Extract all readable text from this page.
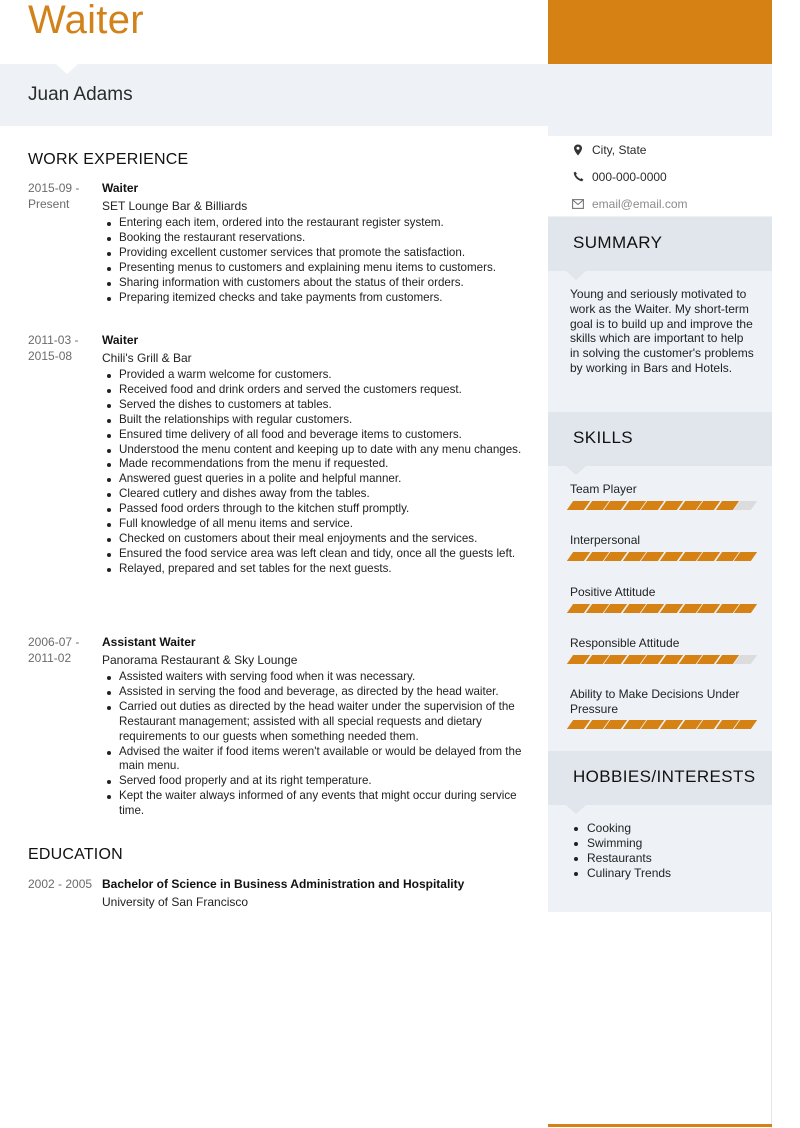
Waiter
Juan Adams
City, State
000-000-0000
email@email.com
SUMMARY
Young and seriously motivated to work as the Waiter. My short-term goal is to build up and improve the skills which are important to help in solving the customer's problems by working in Bars and Hotels.
SKILLS
Team Player
Interpersonal
Positive Attitude
Responsible Attitude
Ability to Make Decisions Under Pressure
HOBBIES/INTERESTS
Cooking
Swimming
Restaurants
Culinary Trends
WORK EXPERIENCE
2015-09 - Present
Waiter
SET Lounge Bar & Billiards
Entering each item, ordered into the restaurant register system.
Booking the restaurant reservations.
Providing excellent customer services that promote the satisfaction.
Presenting menus to customers and explaining menu items to customers.
Sharing information with customers about the status of their orders.
Preparing itemized checks and take payments from customers.
2011-03 - 2015-08
Waiter
Chili's Grill & Bar
Provided a warm welcome for customers.
Received food and drink orders and served the customers request.
Served the dishes to customers at tables.
Built the relationships with regular customers.
Ensured time delivery of all food and beverage items to customers.
Understood the menu content and keeping up to date with any menu changes.
Made recommendations from the menu if requested.
Answered guest queries in a polite and helpful manner.
Cleared cutlery and dishes away from the tables.
Passed food orders through to the kitchen stuff promptly.
Full knowledge of all menu items and service.
Checked on customers about their meal enjoyments and the services.
Ensured the food service area was left clean and tidy, once all the guests left.
Relayed, prepared and set tables for the next guests.
2006-07 - 2011-02
Assistant Waiter
Panorama Restaurant & Sky Lounge
Assisted waiters with serving food when it was necessary.
Assisted in serving the food and beverage, as directed by the head waiter.
Carried out duties as directed by the head waiter under the supervision of the Restaurant management; assisted with all special requests and dietary requirements to our guests when something needed them.
Advised the waiter if food items weren't available or would be delayed from the main menu.
Served food properly and at its right temperature.
Kept the waiter always informed of any events that might occur during service time.
EDUCATION
2002 - 2005 Bachelor of Science in Business Administration and Hospitality
University of San Francisco
